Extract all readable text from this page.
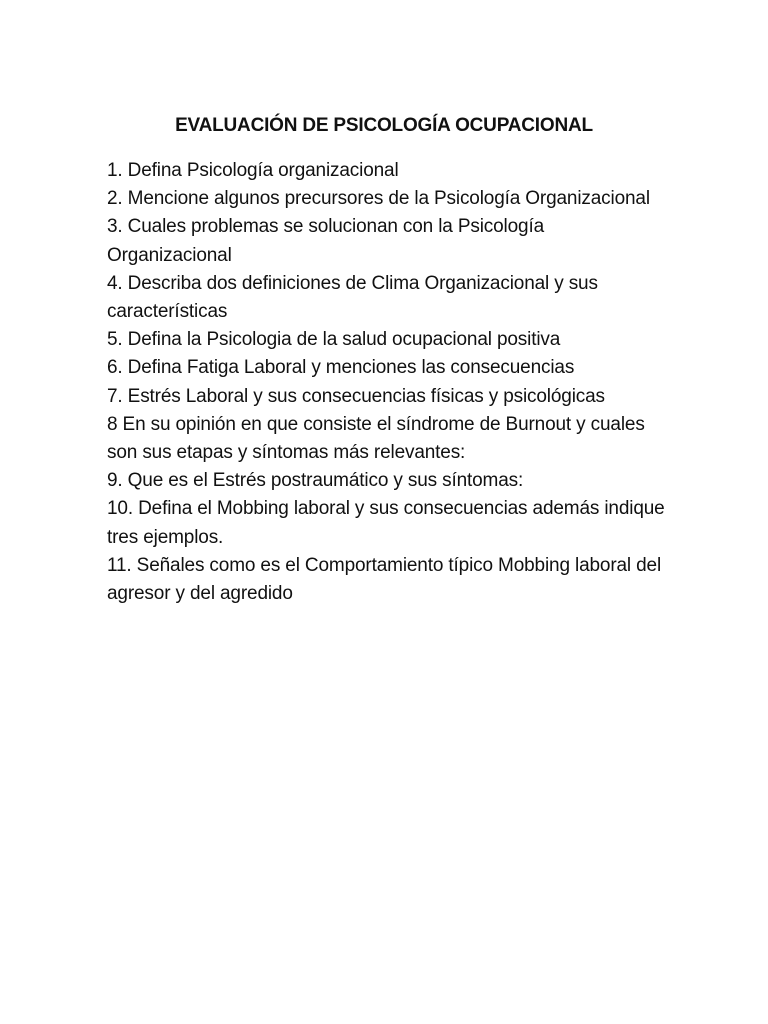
EVALUACIÓN DE PSICOLOGÍA OCUPACIONAL
1. Defina Psicología organizacional
2. Mencione algunos precursores de la Psicología Organizacional
3. Cuales problemas se solucionan con la Psicología Organizacional
4. Describa dos definiciones de Clima Organizacional y sus características
5. Defina la Psicologia de la salud ocupacional positiva
6. Defina Fatiga Laboral y menciones las consecuencias
7. Estrés Laboral y sus consecuencias físicas y psicológicas
8 En su opinión en que consiste el síndrome de Burnout y cuales son sus etapas y síntomas más relevantes:
9. Que es el Estrés postraumático y sus síntomas:
10. Defina el Mobbing laboral y sus consecuencias además indique tres ejemplos.
11. Señales como es el Comportamiento típico Mobbing laboral del agresor y del agredido
